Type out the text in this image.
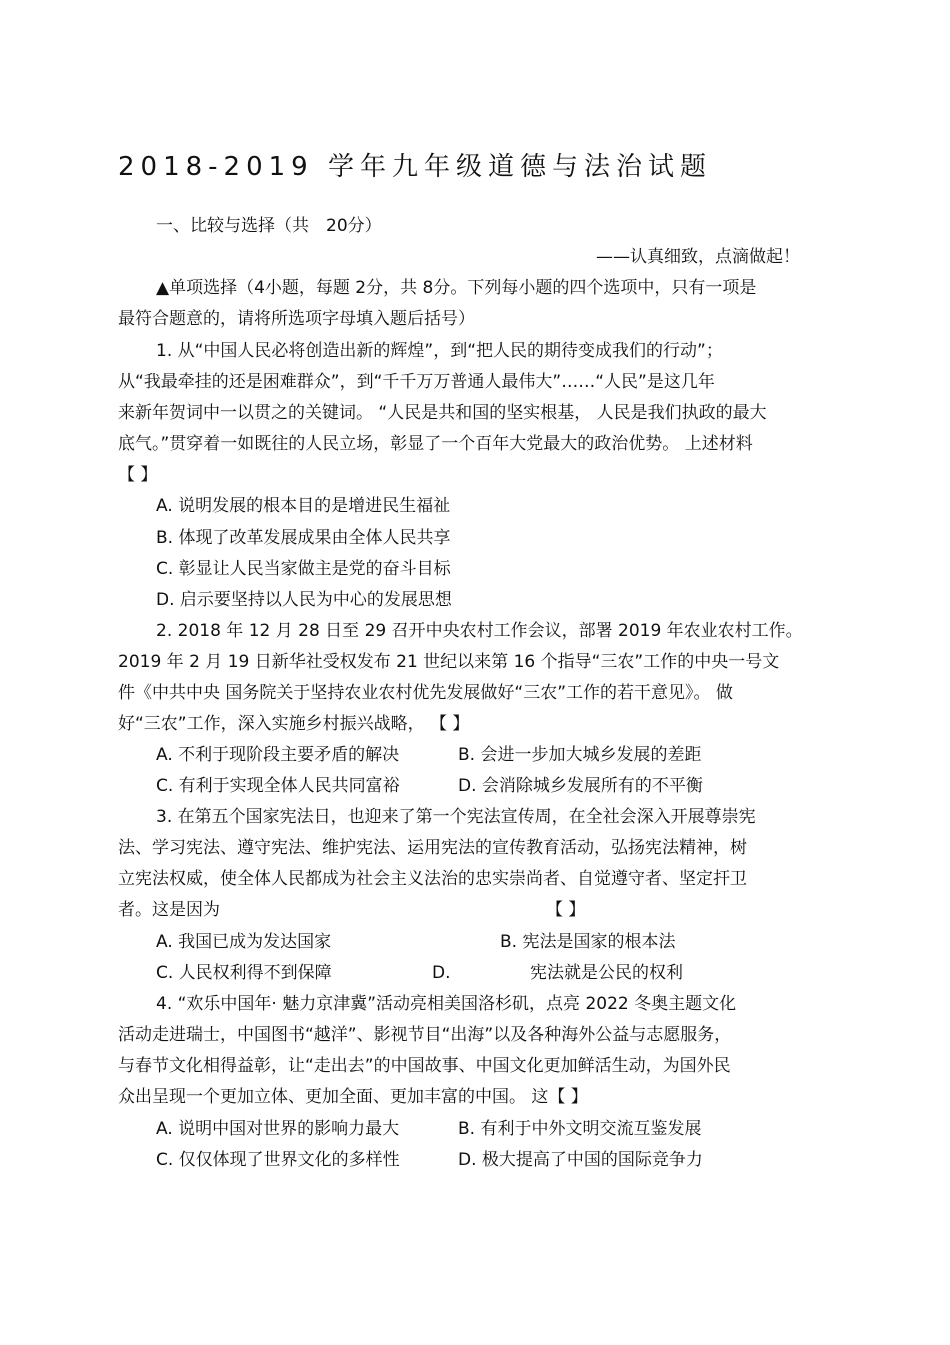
2018-2019 学年九年级道德与法治试题
一、比较与选择（共　20分）
——认真细致，点滴做起！
▲单项选择（4小题，每题 2分，共 8分。下列每小题的四个选项中，只有一项是
最符合题意的，请将所选项字母填入题后括号）
1. 从“中国人民必将创造出新的辉煌”，到“把人民的期待变成我们的行动”；
从“我最牵挂的还是困难群众”，到“千千万万普通人最伟大”……“人民”是这几年
来新年贺词中一以贯之的关键词。 “人民是共和国的坚实根基， 人民是我们执政的最大
底气。”贯穿着一如既往的人民立场，彰显了一个百年大党最大的政治优势。 上述材料
【 】
A. 说明发展的根本目的是增进民生福祉
B. 体现了改革发展成果由全体人民共享
C. 彰显让人民当家做主是党的奋斗目标
D. 启示要坚持以人民为中心的发展思想
2. 2018 年 12 月 28 日至 29 召开中央农村工作会议，部署 2019 年农业农村工作。
2019 年 2 月 19 日新华社受权发布 21 世纪以来第 16 个指导“三农”工作的中央一号文
件《中共中央 国务院关于坚持农业农村优先发展做好“三农”工作的若干意见》。 做
好“三农”工作，深入实施乡村振兴战略， 【 】
A. 不利于现阶段主要矛盾的解决	B. 会进一步加大城乡发展的差距
C. 有利于实现全体人民共同富裕	D. 会消除城乡发展所有的不平衡
3. 在第五个国家宪法日，也迎来了第一个宪法宣传周，在全社会深入开展尊崇宪
法、学习宪法、遵守宪法、维护宪法、运用宪法的宣传教育活动，弘扬宪法精神，树
立宪法权威，使全体人民都成为社会主义法治的忠实崇尚者、自觉遵守者、坚定扞卫
者。这是因为	【 】
A. 我国已成为发达国家	B. 宪法是国家的根本法
C. 人民权利得不到保障	D.	宪法就是公民的权利
4. “欢乐中国年· 魅力京津冀”活动亮相美国洛杉矶，点亮 2022 冬奥主题文化
活动走进瑞士，中国图书“越洋”、影视节目“出海”以及各种海外公益与志愿服务，
与春节文化相得益彰，让“走出去”的中国故事、中国文化更加鲜活生动，为国外民
众出呈现一个更加立体、更加全面、更加丰富的中国。 这【 】
A. 说明中国对世界的影响力最大	B. 有利于中外文明交流互鉴发展
C. 仅仅体现了世界文化的多样性	D. 极大提高了中国的国际竞争力
